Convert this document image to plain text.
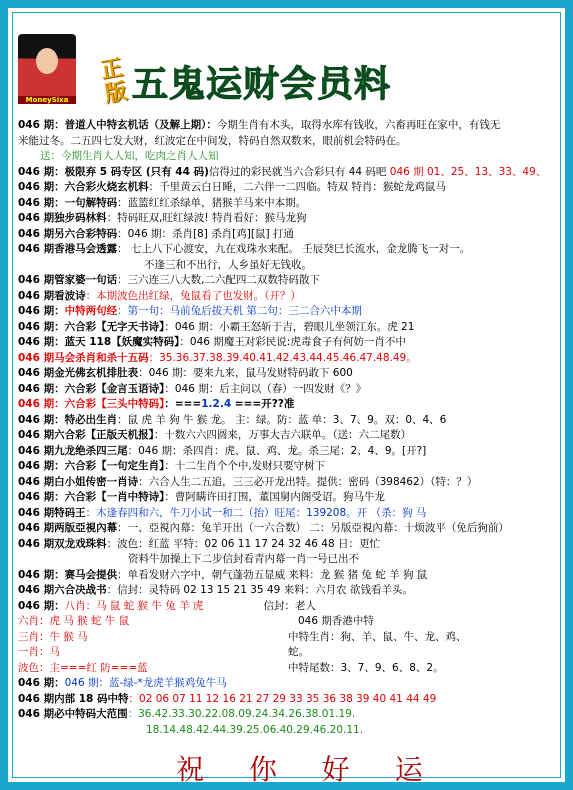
MoneySixa
正版 五鬼运财会员料
046 期：普道人中特玄机话（及解上期）：今期生肖有木头，取得水库有钱收，六畜再旺在家中，有钱无
米能过冬。二五四七发大财，红波定在中间发，特码自然双数来，眼前机会特码在。
送：今期生肖人人知，吃肉之肖人人知
046 期：极限弃 5 码专区 (只有 44 码)信得过的彩民就当六合彩只有 44 码吧 046 期 01、25、13、33、49、
046 期：六合彩火烧玄机料：千里黄云白日睡，二六伴一二四临。特双 特肖：猴蛇龙鸡鼠马
046 期：一句解特码：蓝篮红红杀绿单，猪猴羊马来中本期。
046 期独步码林料：特码旺双,旺红绿波! 特肖看好：猴马龙狗
046 期另六合彩特码：046 期：杀肖[8] 杀肖[鸡][鼠] 打通
046 期香港马会透露： 七上八下心渡安，九在戏珠水来配。 壬辰癸巳长流水，金龙腾飞一对一。
不逢三和不出行，人乡虽好无钱收。
046 期管家婆一句话：三六连三八大数,二六配四二双数特码散下
046 期看波诗：本期波色出红绿，兔鼠看了也发财。（开？）
046 期：中特两句经：第一句：马前兔后拔天机 第二句：三二合六中本期
046 期：六合彩【无字天书诗】：046 期：小霸王怒斩于吉，碧眼儿坐领江东。虎 21
046 期：蓝天 118【妖魔实特码】：046 期魔王对彩民说:虎毒食子有何妨一肖不中
046 期马会杀肖和杀十五码：35.36.37.38.39.40.41.42.43.44.45.46.47.48.49。
046 期金光佛玄机排肚表：046 期：要来九来，鼠马发财特码敢下 600
046 期：六合彩【金言玉语诗】：046 期：后主问以（春）一四发财《？》
046 期：六合彩【三头中特码】：===1.2.4 ===开??准
046 期：特必出生肖：鼠 虎 羊 狗 牛 猴 龙。 主：绿。防：蓝 单：3、7、9。双：0、4、6
046 期六合彩【正版天机报】：十数六六四圆来，万事大吉六联单。（送：六二尾数）
046 期九龙绝杀四三尾：046 期：杀四肖：虎、鼠、鸡、龙。杀三尾：2、4、9。[开?]
046 期：六合彩【一句定生肖】：十二生肖个个中,发财只要守树下
046 期白小姐传密一肖诗：六合人生二五追，三三必开龙出特。提供：密码（398462）（特：？）
046 期：六合彩【一肖中特诗】：曹阿瞒许田打围，董国舅内阁受诏。狗马牛龙
046 期特码王：木逢春四和六，牛刀小试一和二（抬）旺尾：139208。开 （杀：狗 马
046 期两版亞視內幕：一、亞視內幕：兔羊开出（一六合数） 二：另版亞視內幕：十烦波平（免后狗前）
046 期双龙戏珠料：波色：红蓝 平特：02 06 11 17 24 32 46 48 日：更忙
资料牛加操上下二步信封看青内幕一肖一号已出不
046 期：赛马会提供：单看发财六字中，朝气蓬勃五显威 来料：龙 猴 猪 兔 蛇 羊 狗 鼠
046 期六合决战书：信封：灵特码 02 13 15 21 35 49 来料：六月农 欲钱看羊头。
046 期：八肖：马 鼠 蛇 猴 牛 兔 羊 虎	信封：老人
六肖：虎 马 猴 蛇 牛 鼠
三肖：牛 猴 马
一肖：马
波色：主===红 防===蓝
046 期香港中特
中特生肖：狗、羊、鼠、牛、龙、鸡、
蛇。
中特尾数：3、7、9、6、8、2。
046 期：046 期：蓝-绿-*龙虎羊猴鸡兔牛马
046 期内部 18 码中特：02 06 07 11 12 16 21 27 29 33 35 36 38 39 40 41 44 49
046 期必中特码大范围：36.42.33.30.22.08.09.24.34.26.38.01.19.
18.14.48.42.44.39.25.06.40.29.46.20.11.
祝 你 好 运
